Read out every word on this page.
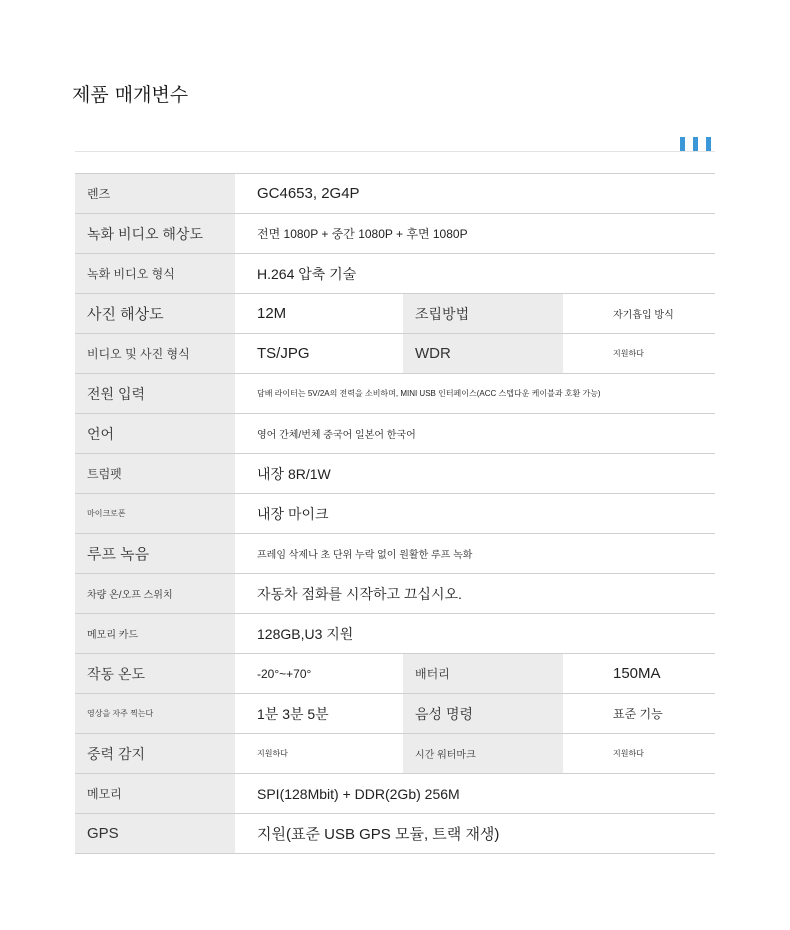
제품 매개변수
렌즈	GC4653, 2G4P		
녹화 비디오 해상도	전면 1080P + 중간 1080P + 후면 1080P		
녹화 비디오 형식	H.264 압축 기술		
사진 해상도	12M	조립방법	자기흡입 방식
비디오 및 사진 형식	TS/JPG	WDR	지원하다
전원 입력	담배 라이터는 5V/2A의 전력을 소비하며, MINI USB 인터페이스(ACC 스텝다운 케이블과 호환 가능)		
언어	영어 간체/번체 중국어 일본어 한국어		
트럼펫	내장 8R/1W		
마이크로폰	내장 마이크		
루프 녹음	프레임 삭제나 초 단위 누락 없이 원활한 루프 녹화		
차량 온/오프 스위치	자동차 점화를 시작하고 끄십시오.		
메모리 카드	128GB,U3 지원		
작동 온도	-20°~+70°	배터리	150MA
영상을 자주 찍는다	1분 3분 5분	음성 명령	표준 기능
중력 감지	지원하다	시간 워터마크	지원하다
메모리	SPI(128Mbit) + DDR(2Gb) 256M		
GPS	지원(표준 USB GPS 모듈, 트랙 재생)		
